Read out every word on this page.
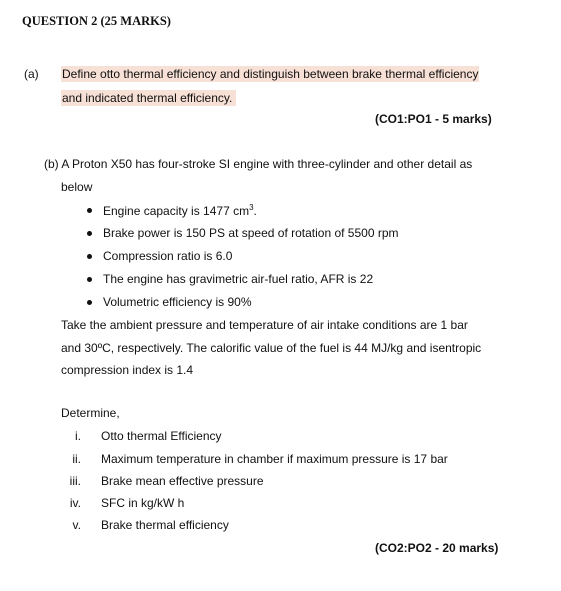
QUESTION 2 (25 MARKS)
(a) Define otto thermal efficiency and distinguish between brake thermal efficiency
and indicated thermal efficiency.
(CO1:PO1 - 5 marks)
(b) A Proton X50 has four-stroke SI engine with three-cylinder and other detail as
below
Engine capacity is 1477 $cm^3$.
Brake power is 150 PS at speed of rotation of 5500 rpm
Compression ratio is 6.0
The engine has gravimetric air-fuel ratio, AFR is 22
Volumetric efficiency is 90%
Take the ambient pressure and temperature of air intake conditions are 1 bar
and 30ºC, respectively. The calorific value of the fuel is 44 MJ/kg and isentropic
compression index is 1.4
Determine,
i. Otto thermal Efficiency
ii. Maximum temperature in chamber if maximum pressure is 17 bar
iii. Brake mean effective pressure
iv. SFC in kg/kW h
v. Brake thermal efficiency
(CO2:PO2 - 20 marks)
